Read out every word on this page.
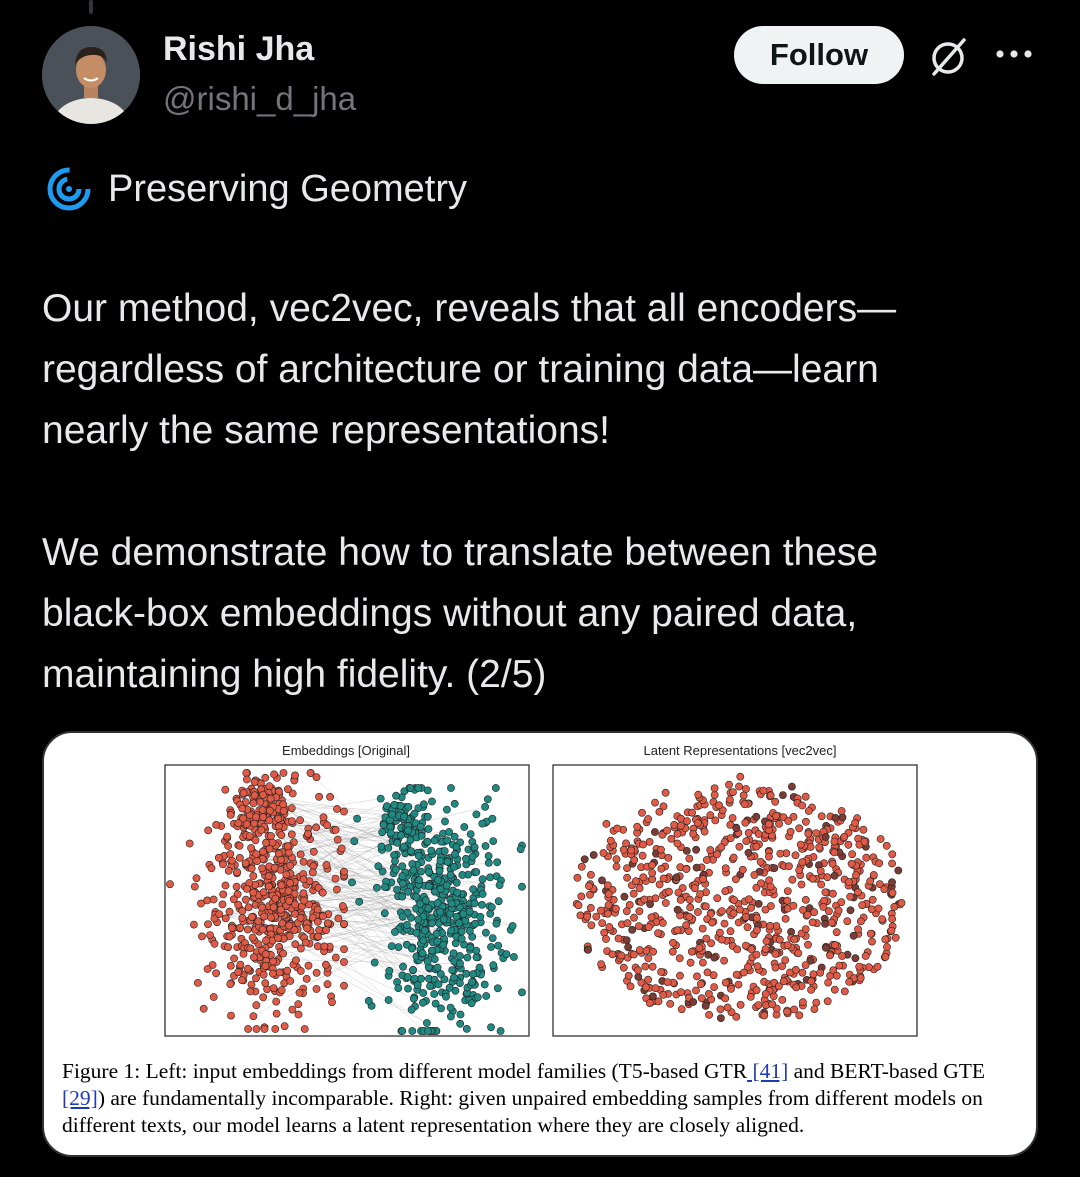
Rishi Jha
@rishi_d_jha
Follow
Preserving Geometry

Our method, vec2vec, reveals that all encoders—
regardless of architecture or training data—learn
nearly the same representations!

We demonstrate how to translate between these
black-box embeddings without any paired data,
maintaining high fidelity. (2/5)

Embeddings [Original]	Latent Representations [vec2vec]
Figure 1: Left: input embeddings from different model families (T5-based GTR [41] and BERT-based GTE [29]) are fundamentally incomparable. Right: given unpaired embedding samples from different models on different texts, our model learns a latent representation where they are closely aligned.
